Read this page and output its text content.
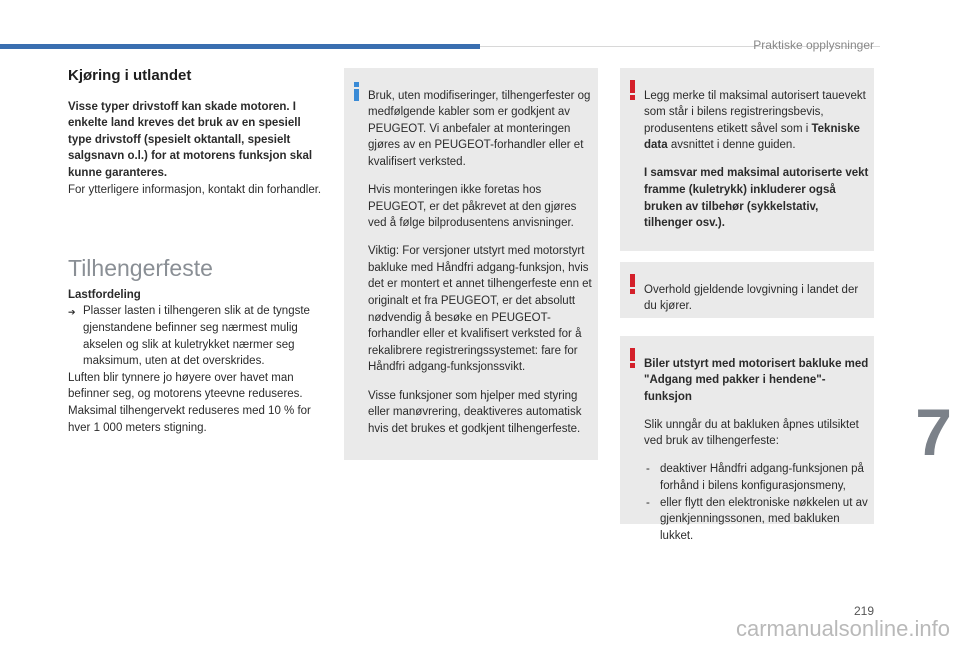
Praktiske opplysninger
Kjøring i utlandet

Visse typer drivstoff kan skade motoren. I enkelte land kreves det bruk av en spesiell type drivstoff (spesielt oktantall, spesielt salgsnavn o.l.) for at motorens funksjon skal kunne garanteres.

For ytterligere informasjon, kontakt din forhandler.

Tilhengerfeste

Lastfordeling

➔ Plasser lasten i tilhengeren slik at de tyngste gjenstandene befinner seg nærmest mulig akselen og slik at kuletrykket nærmer seg maksimum, uten at det overskrides.

Luften blir tynnere jo høyere over havet man befinner seg, og motorens yteevne reduseres. Maksimal tilhengervekt reduseres med 10 % for hver 1 000 meters stigning.

Bruk, uten modifiseringer, tilhengerfester og medfølgende kabler som er godkjent av PEUGEOT. Vi anbefaler at monteringen gjøres av en PEUGEOT-forhandler eller et kvalifisert verksted.

Hvis monteringen ikke foretas hos PEUGEOT, er det påkrevet at den gjøres ved å følge bilprodusentens anvisninger.

Viktig: For versjoner utstyrt med motorstyrt bakluke med Håndfri adgang-funksjon, hvis det er montert et annet tilhengerfeste enn et originalt et fra PEUGEOT, er det absolutt nødvendig å besøke en PEUGEOT-forhandler eller et kvalifisert verksted for å rekalibrere registreringssystemet: fare for Håndfri adgang-funksjonssvikt.

Visse funksjoner som hjelper med styring eller manøvrering, deaktiveres automatisk hvis det brukes et godkjent tilhengerfeste.

Legg merke til maksimal autorisert tauevekt som står i bilens registreringsbevis, produsentens etikett såvel som i Tekniske data avsnittet i denne guiden.

I samsvar med maksimal autoriserte vekt framme (kuletrykk) inkluderer også bruken av tilbehør (sykkelstativ, tilhenger osv.).

Overhold gjeldende lovgivning i landet der du kjører.

Biler utstyrt med motorisert bakluke med "Adgang med pakker i hendene"-funksjon

Slik unngår du at bakluken åpnes utilsiktet ved bruk av tilhengerfeste:

- deaktiver Håndfri adgang-funksjonen på forhånd i bilens konfigurasjonsmeny,
- eller flytt den elektroniske nøkkelen ut av gjenkjenningssonen, med bakluken lukket.
7
219
carmanualsonline.info
